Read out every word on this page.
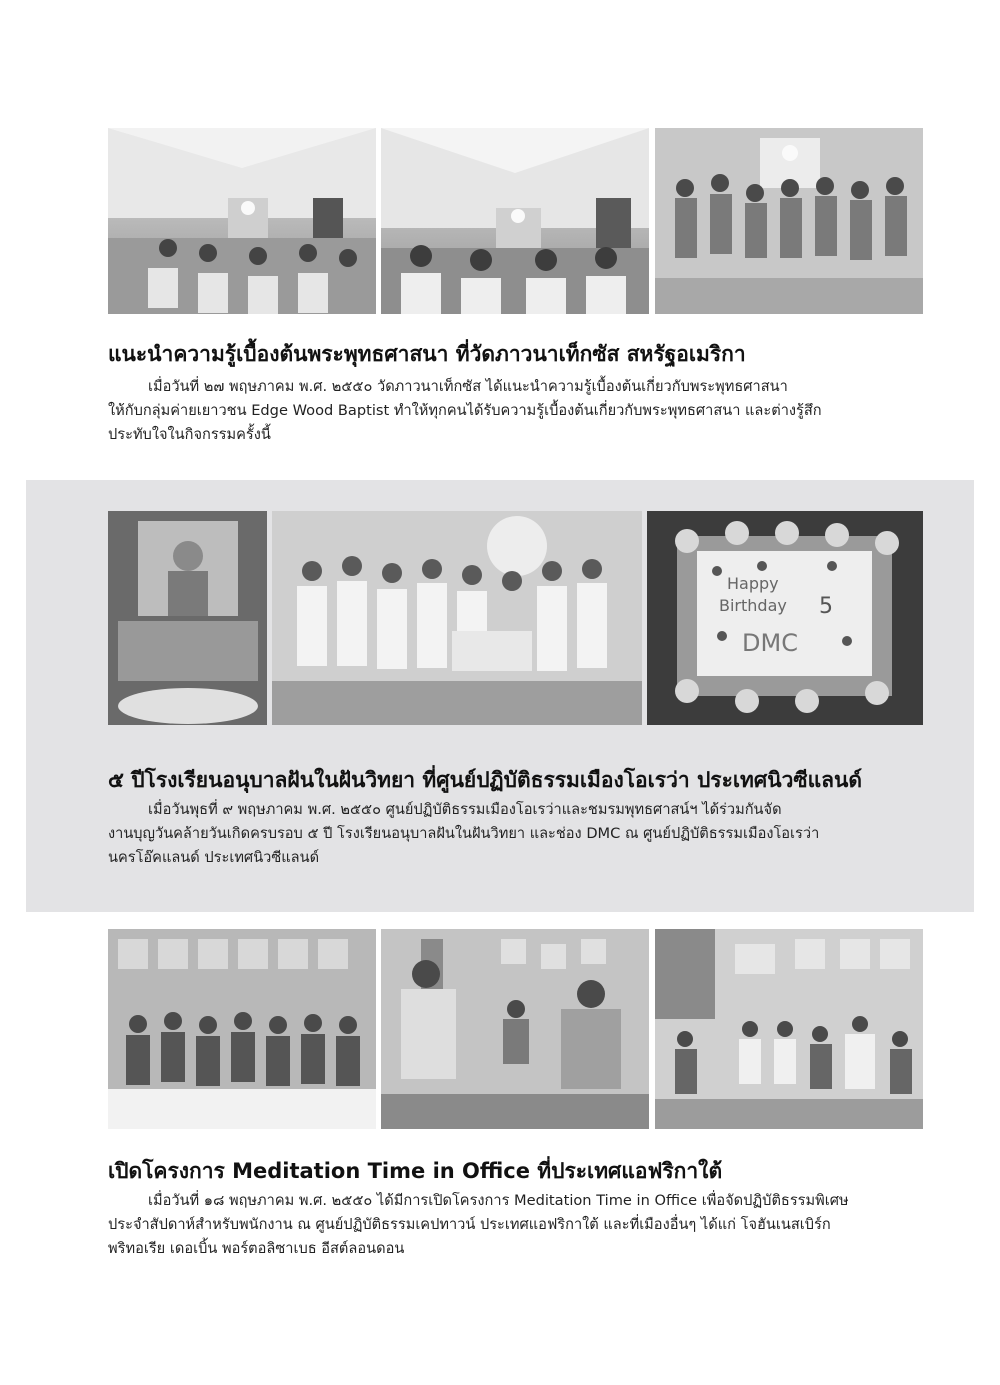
แนะนำความรู้เบื้องต้นพระพุทธศาสนา ที่วัดภาวนาเท็กซัส สหรัฐอเมริกา
เมื่อวันที่ ๒๗ พฤษภาคม พ.ศ. ๒๕๕๐ วัดภาวนาเท็กซัส ได้แนะนำความรู้เบื้องต้นเกี่ยวกับพระพุทธศาสนา
ให้กับกลุ่มค่ายเยาวชน Edge Wood Baptist ทำให้ทุกคนได้รับความรู้เบื้องต้นเกี่ยวกับพระพุทธศาสนา และต่างรู้สึก
ประทับใจในกิจกรรมครั้งนี้
Happy
Birthday 5
DMC
๕ ปีโรงเรียนอนุบาลฝันในฝันวิทยา ที่ศูนย์ปฏิบัติธรรมเมืองโอเรว่า ประเทศนิวซีแลนด์
เมื่อวันพุธที่ ๙ พฤษภาคม พ.ศ. ๒๕๕๐ ศูนย์ปฏิบัติธรรมเมืองโอเรว่าและชมรมพุทธศาสน์ฯ ได้ร่วมกันจัด
งานบุญวันคล้ายวันเกิดครบรอบ ๕ ปี โรงเรียนอนุบาลฝันในฝันวิทยา และช่อง DMC ณ ศูนย์ปฏิบัติธรรมเมืองโอเรว่า
นครโอ๊คแลนด์ ประเทศนิวซีแลนด์
เปิดโครงการ Meditation Time in Office ที่ประเทศแอฟริกาใต้
เมื่อวันที่ ๑๘ พฤษภาคม พ.ศ. ๒๕๕๐ ได้มีการเปิดโครงการ Meditation Time in Office เพื่อจัดปฏิบัติธรรมพิเศษ
ประจำสัปดาห์สำหรับพนักงาน ณ ศูนย์ปฏิบัติธรรมเคปทาวน์ ประเทศแอฟริกาใต้ และที่เมืองอื่นๆ ได้แก่ โจฮันเนสเบิร์ก
พริทอเรีย เดอเบิ้น พอร์ตอลิซาเบธ อีสต์ลอนดอน
